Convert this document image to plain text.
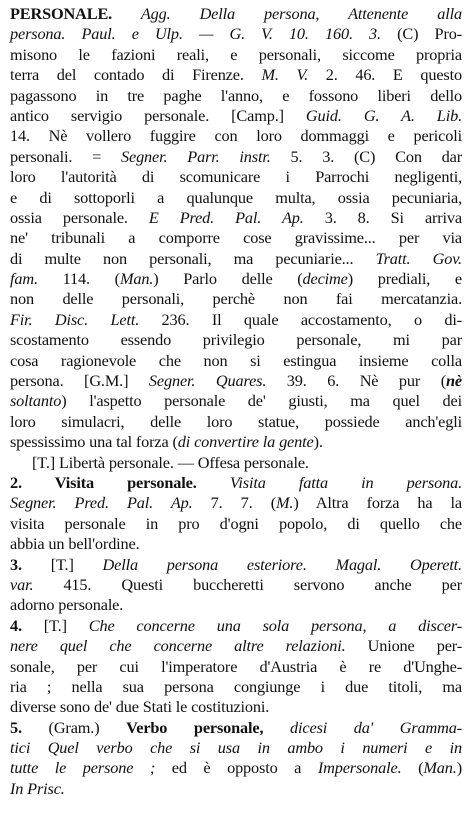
PERSONALE. Agg. Della persona, Attenente alla
persona. Paul. e Ulp. — G. V. 10. 160. 3. (C) Pro-
misono le fazioni reali, e personali, siccome propria
terra del contado di Firenze. M. V. 2. 46. E questo
pagassono in tre paghe l'anno, e fossono liberi dello
antico servigio personale. [Camp.] Guid. G. A. Lib.
14. Nè vollero fuggire con loro dommaggi e pericoli
personali. = Segner. Parr. instr. 5. 3. (C) Con dar
loro l'autorità di scomunicare i Parrochi negligenti,
e di sottoporli a qualunque multa, ossia pecuniaria,
ossia personale. E Pred. Pal. Ap. 3. 8. Si arriva
ne' tribunali a comporre cose gravissime... per via
di multe non personali, ma pecuniarie... Tratt. Gov.
fam. 114. (Man.) Parlo delle (decime) prediali, e
non delle personali, perchè non fai mercatanzia.
Fir. Disc. Lett. 236. Il quale accostamento, o di-
scostamento essendo privilegio personale, mi par
cosa ragionevole che non si estingua insieme colla
persona. [G.M.] Segner. Quares. 39. 6. Nè pur (nè
soltanto) l'aspetto personale de' giusti, ma quel dei
loro simulacri, delle loro statue, possiede anch'egli
spessissimo una tal forza (di convertire la gente).
[T.] Libertà personale. — Offesa personale.
2. Visita personale. Visita fatta in persona.
Segner. Pred. Pal. Ap. 7. 7. (M.) Altra forza ha la
visita personale in pro d'ogni popolo, di quello che
abbia un bell'ordine.
3. [T.] Della persona esteriore. Magal. Operett.
var. 415. Questi buccheretti servono anche per
adorno personale.
4. [T.] Che concerne una sola persona, a discer-
nere quel che concerne altre relazioni. Unione per-
sonale, per cui l'imperatore d'Austria è re d'Unghe-
ria ; nella sua persona congiunge i due titoli, ma
diverse sono de' due Stati le costituzioni.
5. (Gram.) Verbo personale, dicesi da' Gramma-
tici Quel verbo che si usa in ambo i numeri e in
tutte le persone ; ed è opposto a Impersonale. (Man.)
In Prisc.
